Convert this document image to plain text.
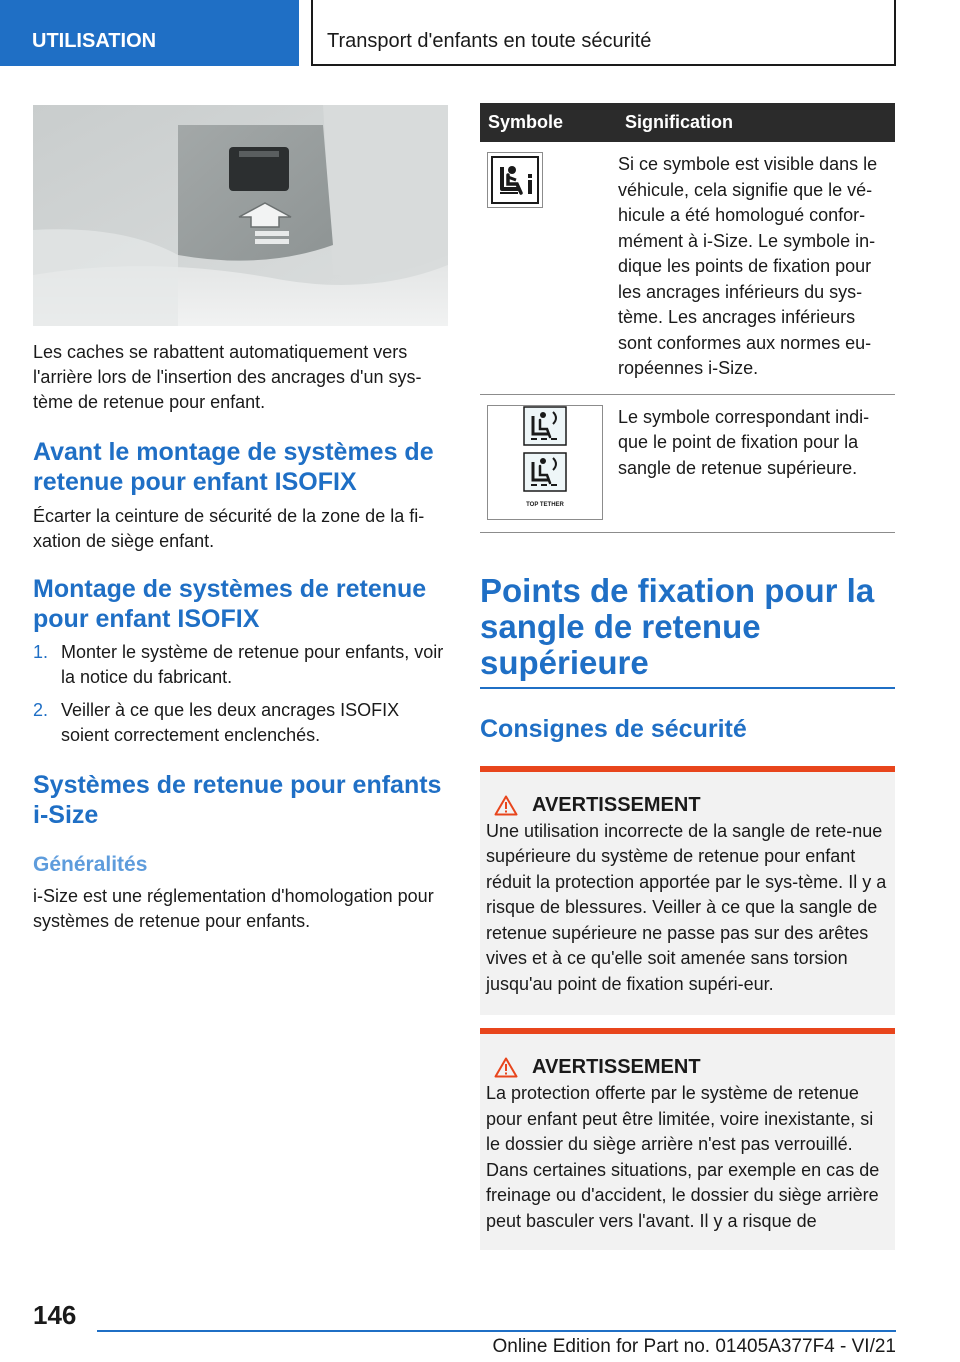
UTILISATION	Transport d'enfants en toute sécurité

Les caches se rabattent automatiquement vers l'arrière lors de l'insertion des ancrages d'un sys-tème de retenue pour enfant.

Avant le montage de systèmes de retenue pour enfant ISOFIX

Écarter la ceinture de sécurité de la zone de la fi-xation de siège enfant.

Montage de systèmes de retenue pour enfant ISOFIX
1. Monter le système de retenue pour enfants, voir la notice du fabricant.
2. Veiller à ce que les deux ancrages ISOFIX soient correctement enclenchés.
Systèmes de retenue pour enfants i-Size
Généralités

i-Size est une réglementation d'homologation pour systèmes de retenue pour enfants.

Symbole	Signification

	Si ce symbole est visible dans le véhicule, cela signifie que le vé-hicule a été homologué confor-mément à i-Size. Le symbole in-dique les points de fixation pour les ancrages inférieurs du sys-tème. Les ancrages inférieurs sont conformes aux normes eu-ropéennes i-Size.

TOP TETHER	Le symbole correspondant indi-que le point de fixation pour la sangle de retenue supérieure.
Points de fixation pour la sangle de retenue supérieure
Consignes de sécurité
AVERTISSEMENT

Une utilisation incorrecte de la sangle de rete-nue supérieure du système de retenue pour enfant réduit la protection apportée par le sys-tème. Il y a risque de blessures. Veiller à ce que la sangle de retenue supérieure ne passe pas sur des arêtes vives et à ce qu'elle soit amenée sans torsion jusqu'au point de fixation supéri-eur.

AVERTISSEMENT

La protection offerte par le système de retenue pour enfant peut être limitée, voire inexistante, si le dossier du siège arrière n'est pas verrouillé. Dans certaines situations, par exemple en cas de freinage ou d'accident, le dossier du siège arrière peut basculer vers l'avant. Il y a risque de

146
Online Edition for Part no. 01405A377F4 - VI/21
